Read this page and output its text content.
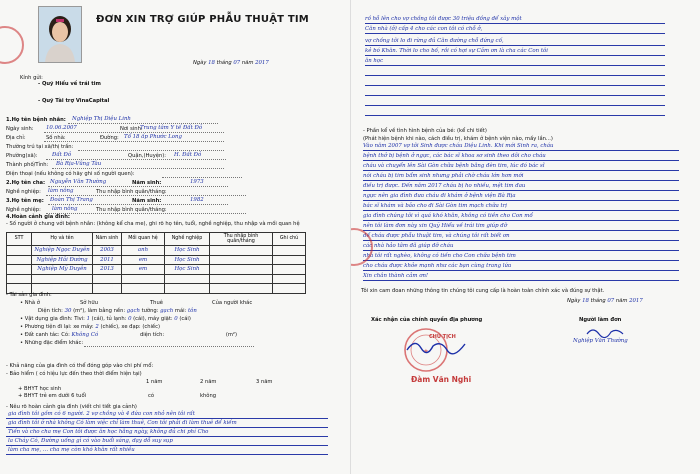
ĐƠN XIN TRỢ GIÚP PHẪU THUẬT TIM
Ngày 18 tháng 07 năm 2017
Kính gửi:
- Quỹ Hiểu về trái tim
- Quỹ Tài trợ VinaCapital
1.Họ tên bệnh nhân: Nghiệp Thị Diệu Linh
Ngày sinh: 10.06.2007	Nơi sinh:
Trung tâm Y tế Đất Đỏ
Địa chỉ:	Số nhà:	Đường: Tổ 18 ấp Phước Long
Thường trú tại xã/thị trấn:
Phường(xã):	Đất Đỏ	Quận,(Huyện): H. Đất Đỏ
Thành phố/Tỉnh: Bà Rịa-Vũng Tàu
Điện thoại (nếu không có hãy ghi số người quen):
2.Họ tên cha: Nguyễn Văn Thường	Năm sinh:	1973
Nghề nghiệp: làm nông	Thu nhập bình quân/tháng:
3.Họ tên mẹ: Đoàn Thị Trang	Năm sinh:	1982
Nghề nghiệp: làm nông	Thu nhập bình quân/tháng:
4.Hoàn cảnh gia đình:
- Số người ở chung với bệnh nhân: (không kể cha me), ghi rõ họ tên, tuổi, nghề nghiệp, thu nhập và mối quan hệ
STT	Họ và tên	Năm sinh	Mối quan hệ	Nghề nghiệp	Thu nhập bình quân/tháng	Ghi chú
	Nghiệp Ngọc Duyên	2003	anh	Học Sinh		
	Nghiệp Hải Đường	2011	em	Học Sinh		
	Nghiệp Mỹ Duyên	2013	em	Học Sinh		

- Tài sản gia đình:
• Nhà ở	Sở hữu	Thuê	Của người khác
Diện tích: 30 (m²), làm bằng nền: gạch tường: gạch mái: tôn
• Vật dụng gia đình: Tivi: 1 (cái), tủ lạnh: 0 (cái), máy giặt: 0 (cái)
• Phương tiện đi lại: xe máy: 2 (chiếc), xe đạp: (chiếc)
• Đất canh tác: Có: Không Có	diện tích:	(m²)
• Những đặc điểm khác:
- Khả năng của gia đình có thể đóng góp vào chi phí mổ:
- Bảo hiểm ( có hiệu lực đến theo thời điểm hiện tại)
1 năm	2 năm	3 năm
+ BHYT học sinh
+ BHYT trẻ em dưới 6 tuổi	có	không
- Nêu rõ hoàn cảnh gia đình (viết chi tiết gia cảnh)
gia đình tôi gồm có 6 người. 2 vợ chồng và 4 đứa con nhỏ nên tôi rất
gia đình tôi ở nhà không Có làm việc chỉ làm thuê, Con tôi phải đi làm thuê để kiếm
Tiền và cho cha mẹ Con tôi được ăn học hằng ngày, không đủ chi phí Cho
la Cháy Có, Đường uống gì có vào buổi sáng, dạy dỗ suy sụp
làm cha mẹ, ... cha mẹ còn khó khăn rất nhiều
rồ hỗ lên cho vợ chồng tôi được 30 triệu đồng để xây một
Căn nhà (ở) cấp 4 cho các con tôi có chỗ ở,
vợ chồng tôi lo đi rừng đủ Căn đường chỗ đứng cố,
kẻ bó Khăn. Thời lo cho bố, rồi có hợi sự Cảm ơn là cha các Con tôi
ăn học
- Phần kể về tình hình bệnh của bé: (kể chi tiết)
(Phát hiện bệnh khi nào, cách điều trị, khám ở bệnh viện nào, mấy lần...)
Vào năm 2007 vợ tôi Sinh được cháu Diệu Linh. Khi mới Sinh ra, cháu
bệnh thở bị bệnh ở ngực, các bác sĩ khoa sơ sinh theo dõi cho cháu
cháu và chuyển lên Sài Gòn chữa bệnh bằng đèn tim, lúc đó bác sĩ
nói cháu bị tim bẩm sinh nhưng phải chờ cháu lớn hơn mới
điều trị được. Đến năm 2017 cháu bị ho nhiều, mệt tim đau
ngực nên gia đình đưa cháu đi khám ở bệnh viện Bà Rịa
bác sĩ khám và bảo cho đi Sài Gòn tim mạch chữa trị
gia đình chúng tôi vì quá khó khăn, không có tiền cho Con mổ
nên tôi làm đơn này xin Quỹ Hiểu về trái tim giúp đỡ
để cháu được phẫu thuật tim, và chúng tôi rất biết ơn
các nhà hảo tâm đã giúp đỡ cháu
nhà tôi rất nghèo, không có tiền cho Con chữa bệnh tim
cho cháu được khỏe mạnh như các bạn cùng trang lứa
Xin chân thành cảm ơn!
Tôi xin cam đoan những thông tin chúng tôi cung cấp là hoàn toàn chính xác và đúng sự thật.
Ngày 18 tháng 07 năm 2017
Xác nhận của chính quyền địa phương	Người làm đơn
★
CHỦ TỊCH
Đàm Văn Nghi
Nghiệp Văn Thường
